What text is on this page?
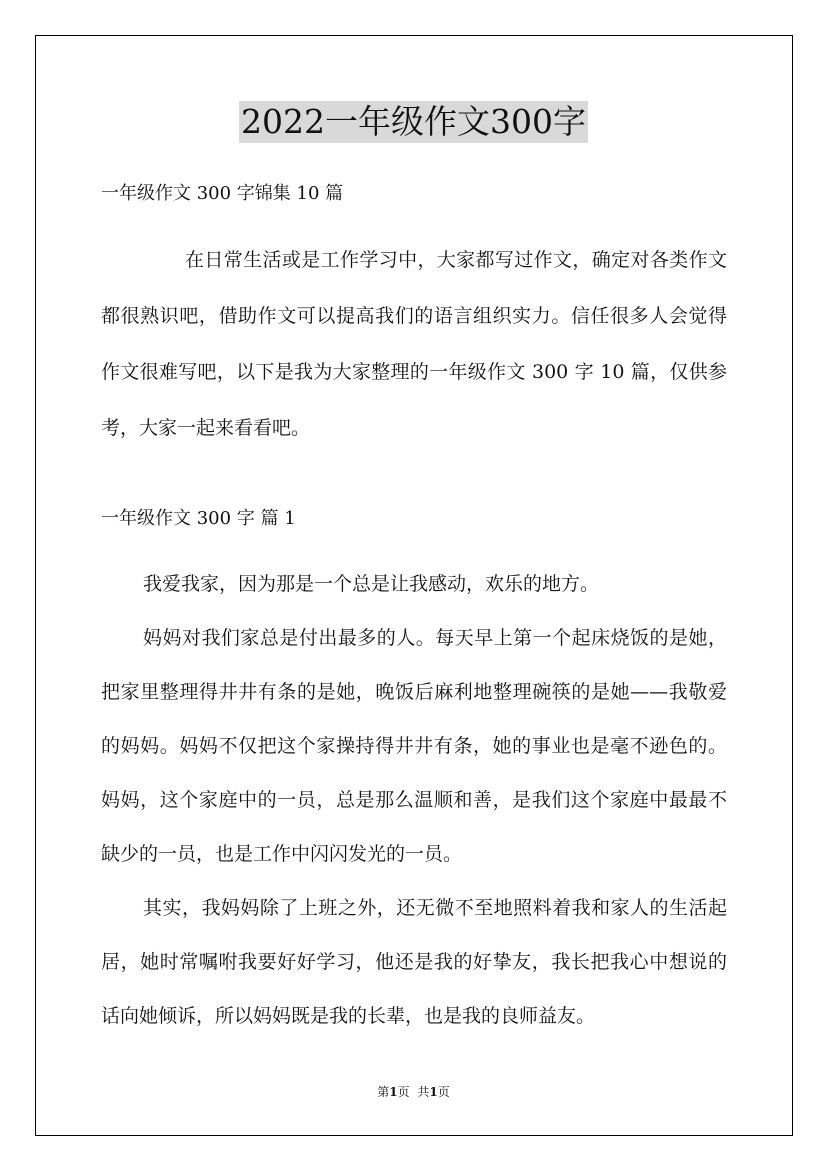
2022一年级作文300字
一年级作文 300 字锦集 10 篇

在日常生活或是工作学习中，大家都写过作文，确定对各类作文都很熟识吧，借助作文可以提高我们的语言组织实力。信任很多人会觉得作文很难写吧，以下是我为大家整理的一年级作文 300 字 10 篇，仅供参考，大家一起来看看吧。

一年级作文 300 字 篇 1

我爱我家，因为那是一个总是让我感动，欢乐的地方。

妈妈对我们家总是付出最多的人。每天早上第一个起床烧饭的是她，把家里整理得井井有条的是她，晚饭后麻利地整理碗筷的是她——我敬爱的妈妈。妈妈不仅把这个家操持得井井有条，她的事业也是毫不逊色的。妈妈，这个家庭中的一员，总是那么温顺和善，是我们这个家庭中最最不缺少的一员，也是工作中闪闪发光的一员。

其实，我妈妈除了上班之外，还无微不至地照料着我和家人的生活起居，她时常嘱咐我要好好学习，他还是我的好挚友，我长把我心中想说的话向她倾诉，所以妈妈既是我的长辈，也是我的良师益友。

第1页 共1页
